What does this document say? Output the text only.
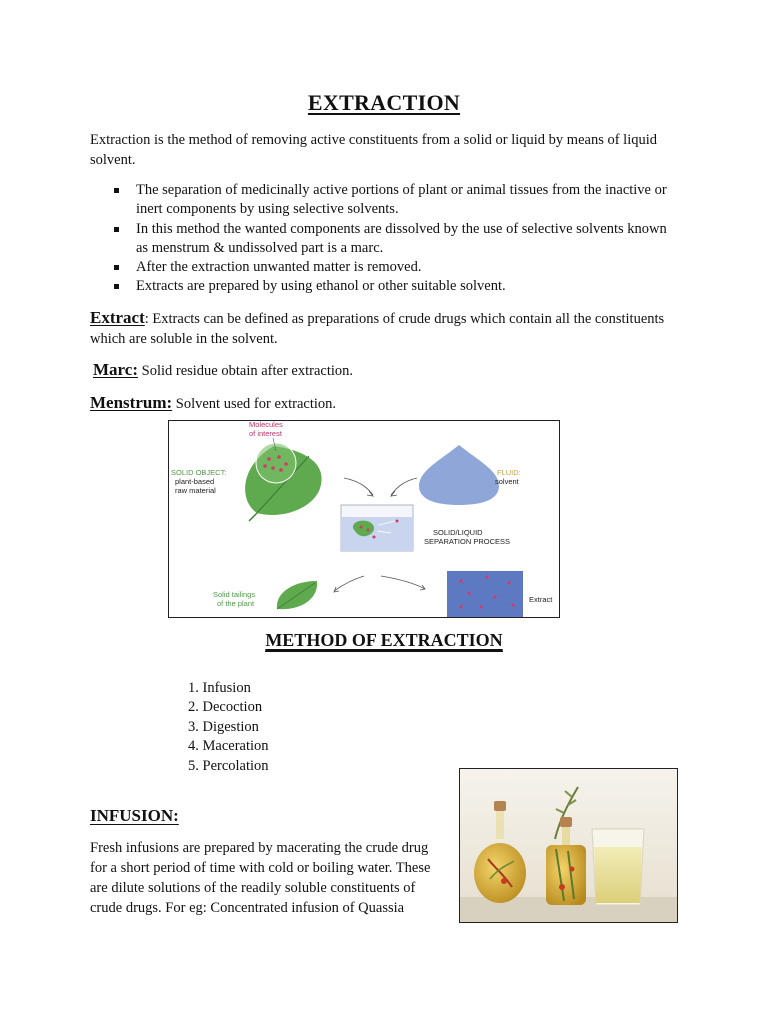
EXTRACTION

Extraction is the method of removing active constituents from a solid or liquid by means of liquid solvent.

The separation of medicinally active portions of plant or animal tissues from the inactive or inert components by using selective solvents.
In this method the wanted components are dissolved by the use of selective solvents known as menstrum & undissolved part is a marc.
After the extraction unwanted matter is removed.
Extracts are prepared by using ethanol or other suitable solvent.

Extract: Extracts can be defined as preparations of crude drugs which contain all the constituents which are soluble in the solvent.

Marc: Solid residue obtain after extraction.

Menstrum: Solvent used for extraction.

Molecules
of interest
SOLID OBJECT:
plant-based
raw material
FLUID:
solvent
SOLID/LIQUID
SEPARATION PROCESS
Solid tailings
of the plant	Extract
METHOD OF EXTRACTION
1. Infusion
2. Decoction
3. Digestion
4. Maceration
5. Percolation
INFUSION:

Fresh infusions are prepared by macerating the crude drug for a short period of time with cold or boiling water. These are dilute solutions of the readily soluble constituents of crude drugs. For eg: Concentrated infusion of Quassia
